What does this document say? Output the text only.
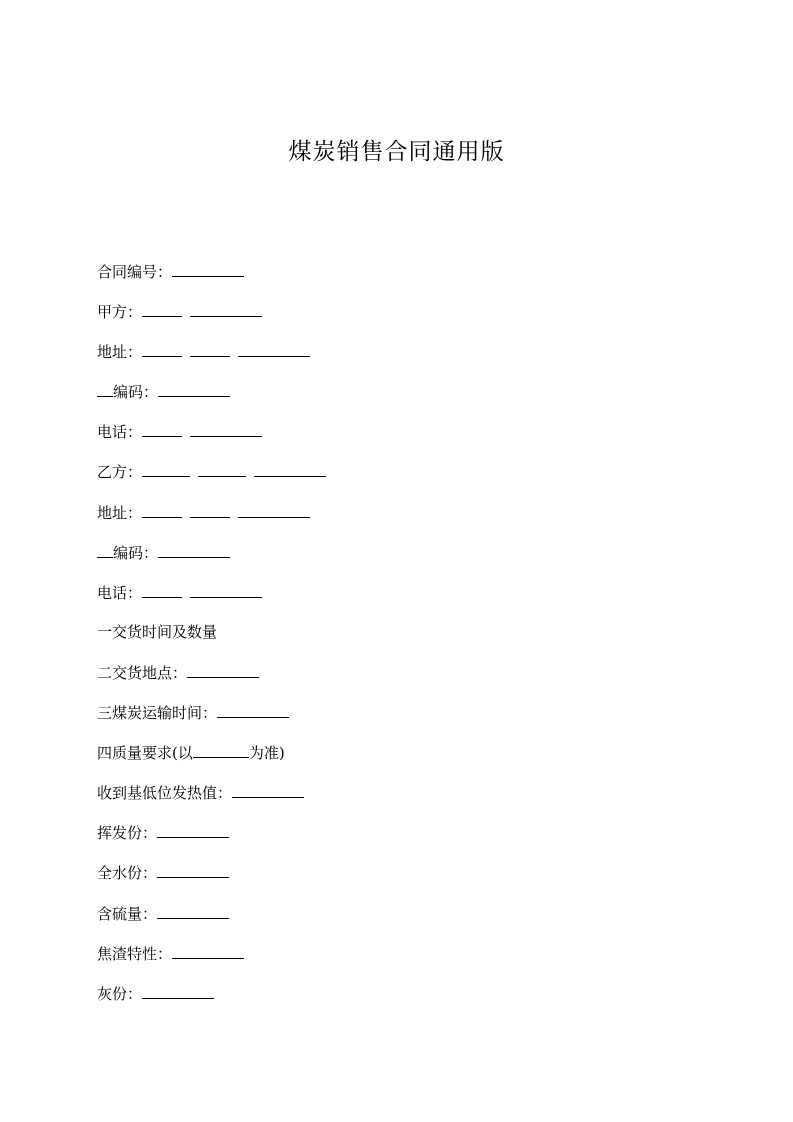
煤炭销售合同通用版
合同编号：
甲方：
地址：
编码：
电话：
乙方：
地址：
编码：
电话：
一交货时间及数量
二交货地点：
三煤炭运输时间：
四质量要求(以	为准)
收到基低位发热值：
挥发份：
全水份：
含硫量：
焦渣特性：
灰份：
